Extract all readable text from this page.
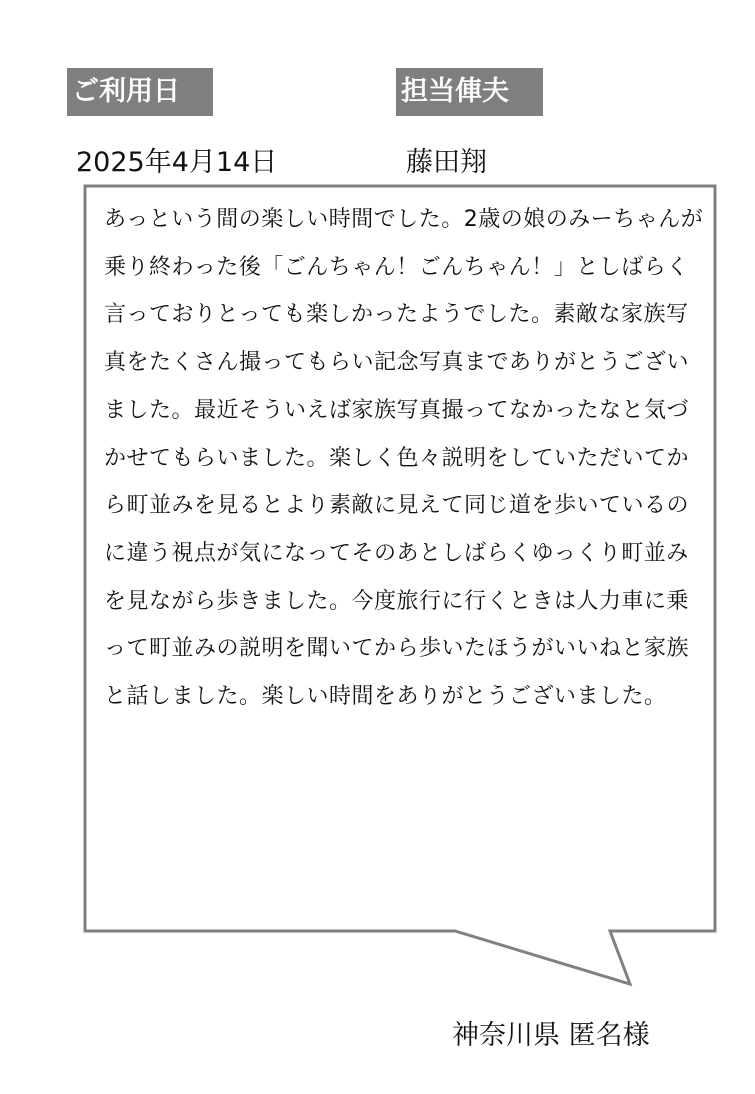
ご利用日	担当俥夫
2025年4月14日	藤田翔

あっという間の楽しい時間でした。2歳の娘のみーちゃんが乗り終わった後「ごんちゃん！ごんちゃん！」としばらく言っておりとっても楽しかったようでした。素敵な家族写真をたくさん撮ってもらい記念写真までありがとうございました。最近そういえば家族写真撮ってなかったなと気づかせてもらいました。楽しく色々説明をしていただいてから町並みを見るとより素敵に見えて同じ道を歩いているのに違う視点が気になってそのあとしばらくゆっくり町並みを見ながら歩きました。今度旅行に行くときは人力車に乗って町並みの説明を聞いてから歩いたほうがいいねと家族と話しました。楽しい時間をありがとうございました。

神奈川県 匿名様
